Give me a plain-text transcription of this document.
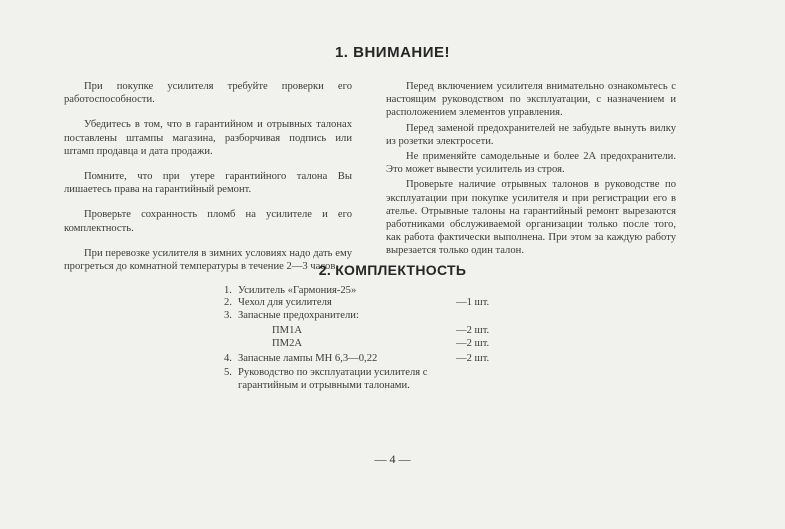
1. ВНИМАНИЕ!

При покупке усилителя требуйте проверки его работоспособности.

Убедитесь в том, что в гарантийном и отрывных талонах поставлены штампы магазина, разборчивая подпись или штамп продавца и дата продажи.

Помните, что при утере гарантийного талона Вы лишаетесь права на гарантийный ремонт.

Проверьте сохранность пломб на усилителе и его комплектность.

При перевозке усилителя в зимних условиях надо дать ему прогреться до комнатной температуры в течение 2—3 часов.

Перед включением усилителя внимательно ознакомьтесь с настоящим руководством по эксплуатации, с назначением и расположением элементов управления.

Перед заменой предохранителей не забудьте вынуть вилку из розетки электросети.

Не применяйте самодельные и более 2А предохранители. Это может вывести усилитель из строя.

Проверьте наличие отрывных талонов в руководстве по эксплуатации при покупке усилителя и при регистрации его в ателье. Отрывные талоны на гарантийный ремонт вырезаются работниками обслуживаемой организации только после того, как работа фактически выполнена. При этом за каждую работу вырезается только один талон.

2. КОМПЛЕКТНОСТЬ
1. Усилитель «Гармония-25»
2. Чехол для усилителя	—1 шт.
3. Запасные предохранители:
ПМ1А	—2 шт.
ПМ2А	—2 шт.
4. Запасные лампы МН 6,3—0,22	—2 шт.
5. Руководство по эксплуатации усилителя с гарантийным и отрывными талонами.
— 4 —
